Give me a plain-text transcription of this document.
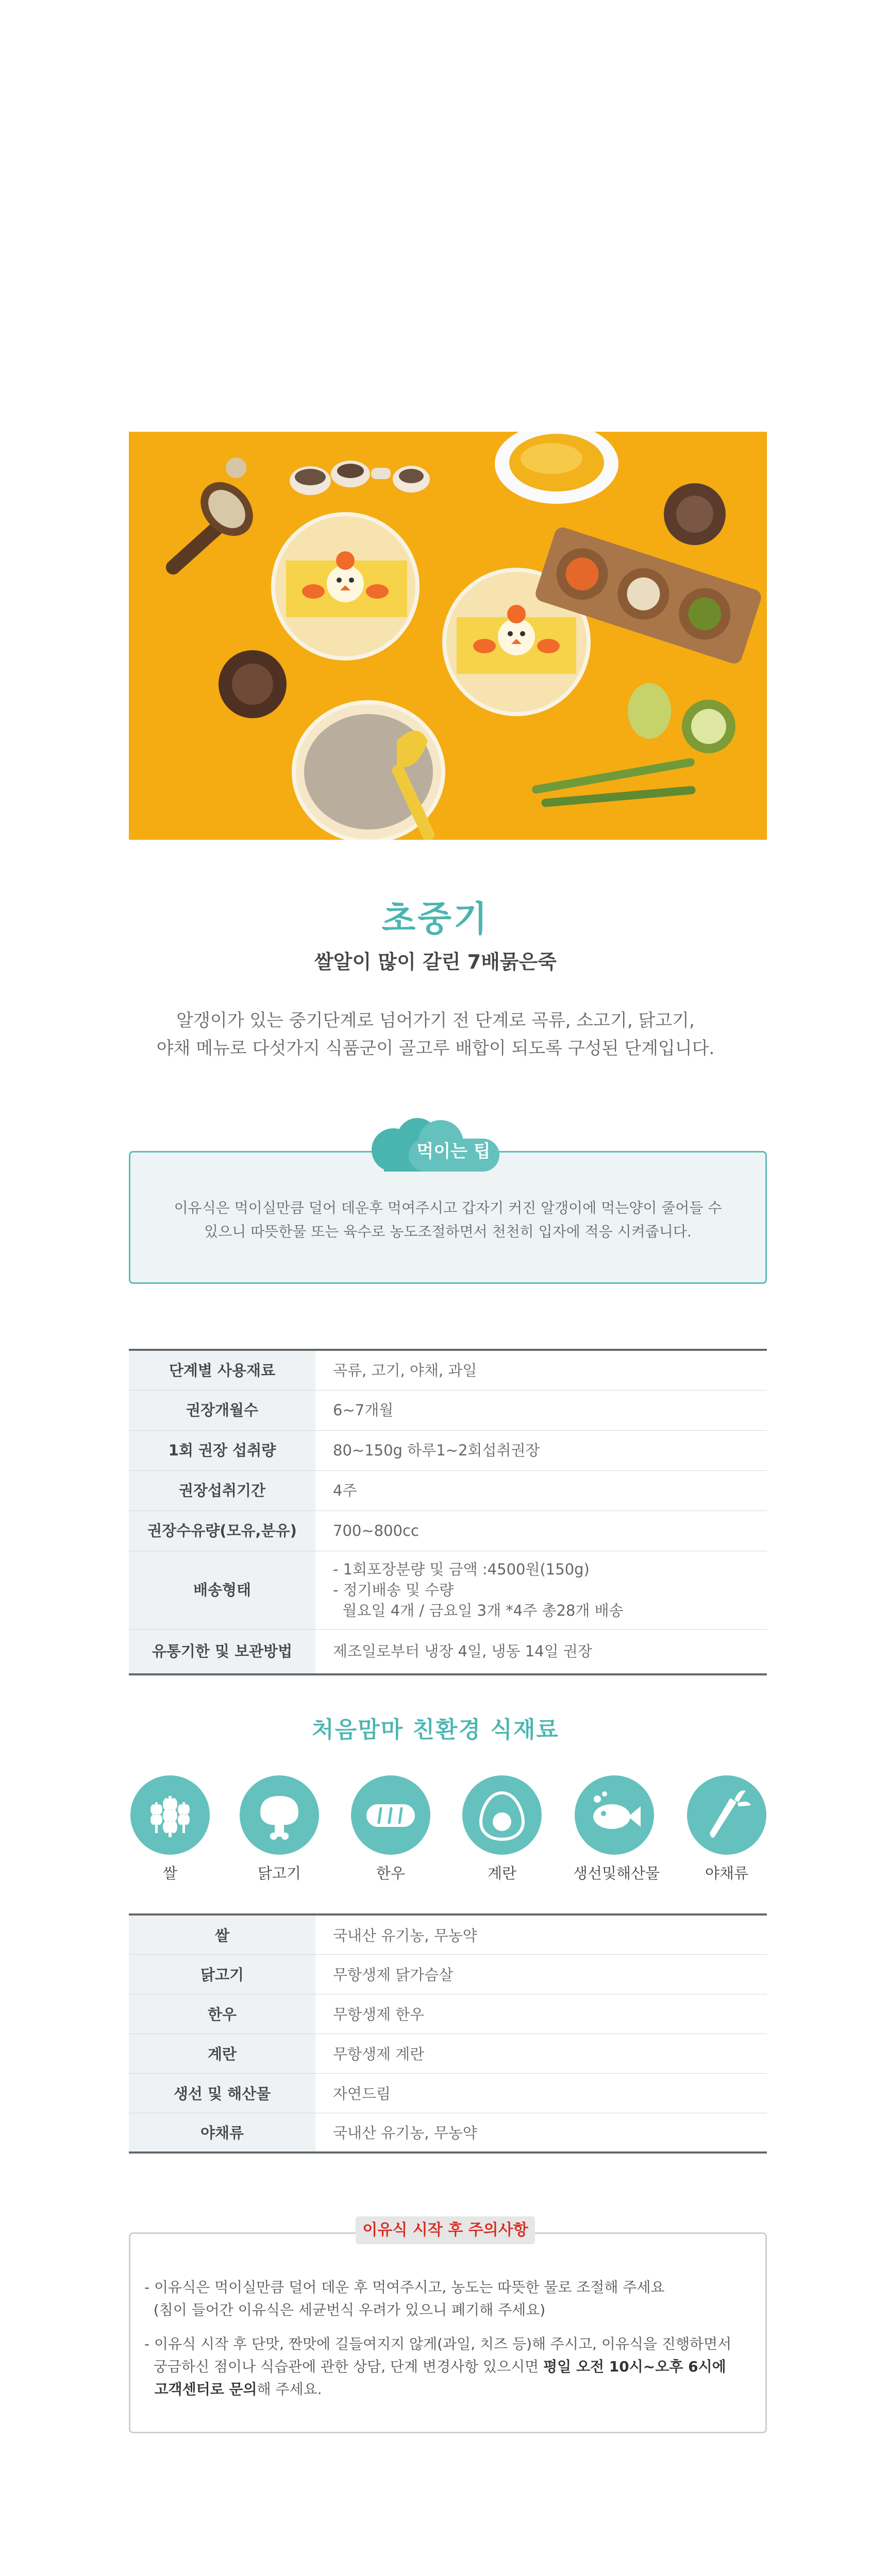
초중기
쌀알이 많이 갈린 7배묽은죽
알갱이가 있는 중기단계로 넘어가기 전 단계로 곡류, 소고기, 닭고기,
야채 메뉴로 다섯가지 식품군이 골고루 배합이 되도록 구성된 단계입니다.
먹이는 팁
이유식은 먹이실만큼 덜어 데운후 먹여주시고 갑자기 커진 알갱이에 먹는양이 줄어들 수
있으니 따뜻한물 또는 육수로 농도조절하면서 천천히 입자에 적응 시켜줍니다.
단계별 사용재료	곡류, 고기, 야채, 과일
권장개월수	6~7개월
1회 권장 섭취량	80~150g 하루1~2회섭취권장
권장섭취기간	4주
권장수유량(모유,분유)	700~800cc
배송형태	- 1회포장분량 및 금액 :4500원(150g)
- 정기배송 및 수량
월요일 4개 / 금요일 3개 *4주 총28개 배송

유통기한 및 보관방법	제조일로부터 냉장 4일, 냉동 14일 권장
처음맘마 친환경 식재료
쌀	닭고기	한우	계란	생선및해산물	야채류
쌀	국내산 유기농, 무농약
닭고기	무항생제 닭가슴살
한우	무항생제 한우
계란	무항생제 계란
생선 및 해산물	자연드림
야채류	국내산 유기농, 무농약
이유식 시작 후 주의사항

- 이유식은 먹이실만큼 덜어 데운 후 먹여주시고, 농도는 따뜻한 물로 조절해 주세요
(침이 들어간 이유식은 세균번식 우려가 있으니 폐기해 주세요)

- 이유식 시작 후 단맛, 짠맛에 길들여지지 않게(과일, 치즈 등)해 주시고, 이유식을 진행하면서
궁금하신 점이나 식습관에 관한 상담, 단계 변경사항 있으시면 평일 오전 10시~오후 6시에
고객센터로 문의해 주세요.
